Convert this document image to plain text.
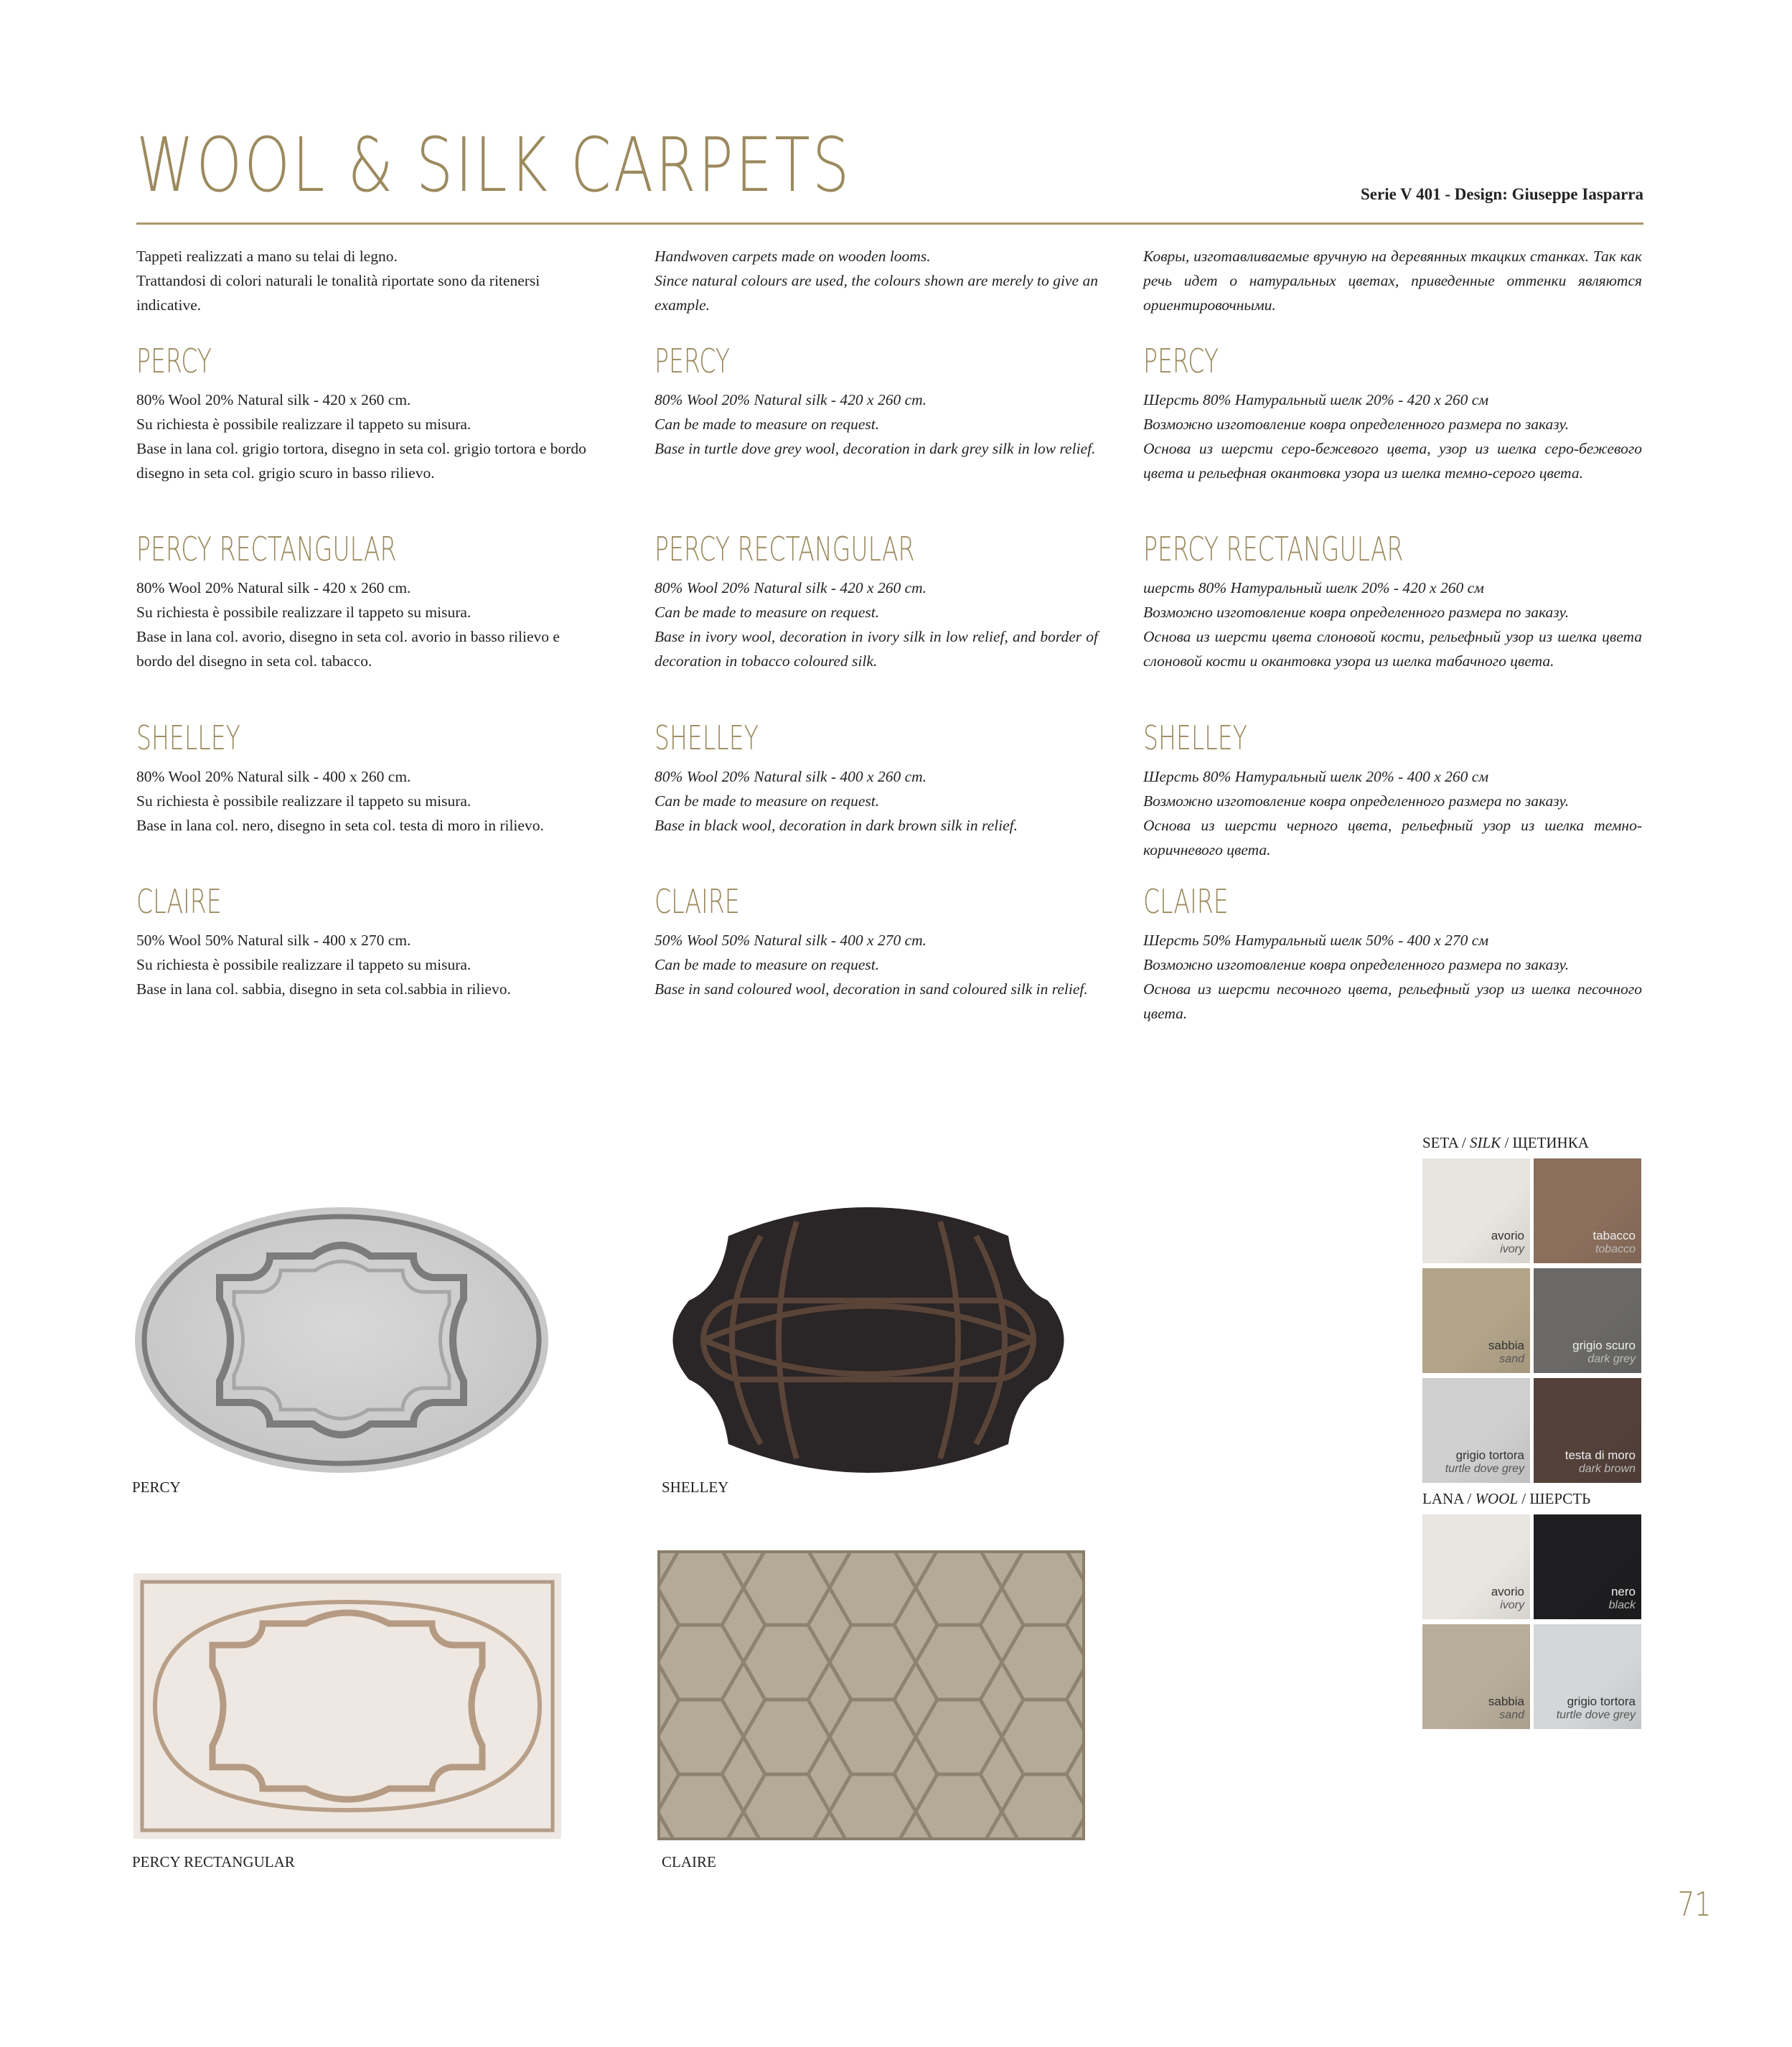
WOOL & SILK CARPETS	Serie V 401 - Design: Giuseppe Iasparra

Tappeti realizzati a mano su telai di legno.

Trattandosi di colori naturali le tonalità riportate sono da ritenersi indicative.

PERCY

80% Wool 20% Natural silk - 420 x 260 cm.

Su richiesta è possibile realizzare il tappeto su misura.

Base in lana col. grigio tortora, disegno in seta col. grigio tortora e bordo disegno in seta col. grigio scuro in basso rilievo.

PERCY RECTANGULAR

80% Wool 20% Natural silk - 420 x 260 cm.

Su richiesta è possibile realizzare il tappeto su misura.

Base in lana col. avorio, disegno in seta col. avorio in basso rilievo e bordo del disegno in seta col. tabacco.

SHELLEY

80% Wool 20% Natural silk - 400 x 260 cm.

Su richiesta è possibile realizzare il tappeto su misura.

Base in lana col. nero, disegno in seta col. testa di moro in rilievo.

CLAIRE

50% Wool 50% Natural silk - 400 x 270 cm.

Su richiesta è possibile realizzare il tappeto su misura.

Base in lana col. sabbia, disegno in seta col.sabbia in rilievo.

Handwoven carpets made on wooden looms.

Since natural colours are used, the colours shown are merely to give an example.

PERCY

80% Wool 20% Natural silk - 420 x 260 cm.

Can be made to measure on request.

Base in turtle dove grey wool, decoration in dark grey silk in low relief.

PERCY RECTANGULAR

80% Wool 20% Natural silk - 420 x 260 cm.

Can be made to measure on request.

Base in ivory wool, decoration in ivory silk in low relief, and border of decoration in tobacco coloured silk.

SHELLEY

80% Wool 20% Natural silk - 400 x 260 cm.

Can be made to measure on request.

Base in black wool, decoration in dark brown silk in relief.

CLAIRE

50% Wool 50% Natural silk - 400 x 270 cm.

Can be made to measure on request.

Base in sand coloured wool, decoration in sand coloured silk in relief.

Ковры, изготавливаемые вручную на деревянных ткацких станках. Так как речь идет о натуральных цветах, приведенные оттенки являются ориентировочными.

PERCY

Шерсть 80% Натуральный шелк 20% - 420 x 260 см

Возможно изготовление ковра определенного размера по заказу.

Основа из шерсти серо-бежевого цвета, узор из шелка серо-бежевого цвета и рельефная окантовка узора из шелка темно-серого цвета.

PERCY RECTANGULAR

шерсть 80% Натуральный шелк 20% - 420 x 260 см

Возможно изготовление ковра определенного размера по заказу.

Основа из шерсти цвета слоновой кости, рельефный узор из шелка цвета слоновой кости и окантовка узора из шелка табачного цвета.

SHELLEY

Шерсть 80% Натуральный шелк 20% - 400 x 260 см

Возможно изготовление ковра определенного размера по заказу.

Основа из шерсти черного цвета, рельефный узор из шелка темно-коричневого цвета.

CLAIRE

Шерсть 50% Натуральный шелк 50% - 400 x 270 см

Возможно изготовление ковра определенного размера по заказу.

Основа из шерсти песочного цвета, рельефный узор из шелка песочного цвета.

PERCY	SHELLEY
PERCY RECTANGULAR	CLAIRE
SETA / SILK / ЩЕТИНКА
avorio
ivory
tabacco
tobacco
sabbia
sand
grigio scuro
dark grey
grigio tortora
turtle dove grey
testa di moro
dark brown
LANA / WOOL / ШЕРСТЬ
avorio
ivory
nero
black
sabbia
sand
grigio tortora
turtle dove grey
71
